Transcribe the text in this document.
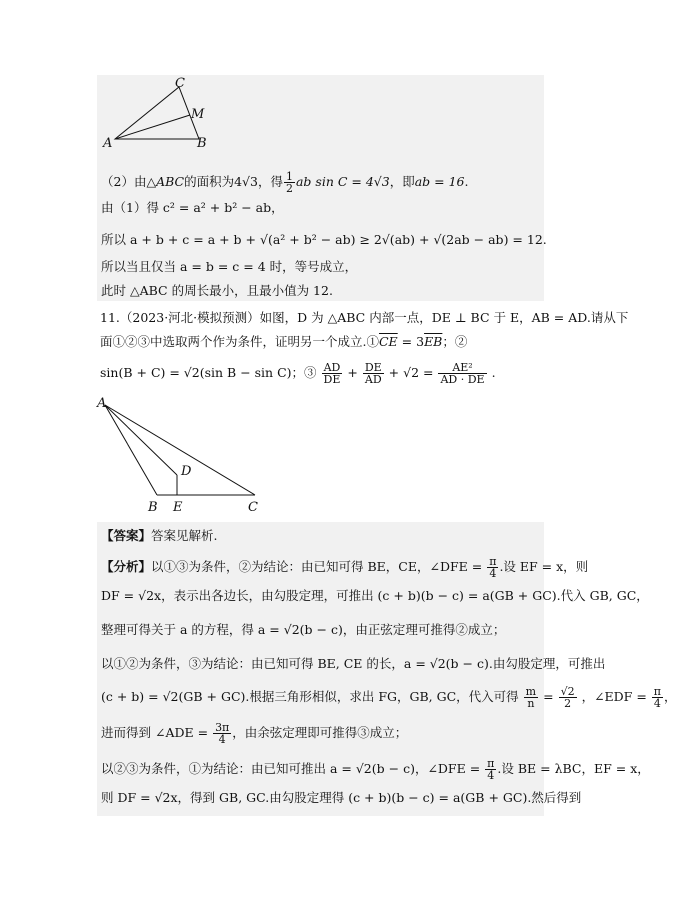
A	B
C
M
（2）由△ABC的面积为4√3，得 $\frac{1}{2}$ ab sin C = 4√3，即ab = 16.
由（1）得 c² = a² + b² − ab，
所以 a + b + c = a + b + √(a² + b² − ab) ≥ 2√(ab) + √(2ab − ab) = 12.
所以当且仅当 a = b = c = 4 时，等号成立，
此时 △ABC 的周长最小，且最小值为 12.
11.（2023·河北·模拟预测）如图，D 为 △ABC 内部一点，DE ⊥ BC 于 E，AB = AD.请从下
面①②③中选取两个作为条件，证明另一个成立$.①\overline{CE} = 3\overline{EB}$；②
sin(B + C) = √2(sin B − sin C)；③ $\frac{AD}{DE} + \frac{DE}{AD} + √2 = \frac{\text{AE²}}{AD \cdot DE}$ .
A
D
B E	C
【答案】答案见解析.
【分析】以①③为条件，②为结论：由已知可得 BE，CE，∠DFE = $\frac{\pi}{4}$ .设 EF = x，则
DF = √2x，表示出各边长，由勾股定理，可推出 (c + b)(b − c) = a(GB + GC).代入 GB, GC，
整理可得关于 a 的方程，得 a = √2(b − c)，由正弦定理可推得②成立；
以①②为条件，③为结论：由已知可得 BE, CE 的长，a = √2(b − c).由勾股定理，可推出
(c + b) = √2(GB + GC).根据三角形相似，求出 FG，GB, GC，代入可得 $\frac{m}{n} = \frac{√2}{2}$ ，∠EDF = $\frac{\pi}{4}$ ，
进而得到 ∠ADE = $\frac{3\pi}{4}$ ，由余弦定理即可推得③成立；
以②③为条件，①为结论：由已知可推出 a = √2(b − c)，∠DFE = $\frac{\pi}{4}$ .设 BE = λBC，EF = x，
则 DF = √2x，得到 GB, GC.由勾股定理得 (c + b)(b − c) = a(GB + GC).然后得到
